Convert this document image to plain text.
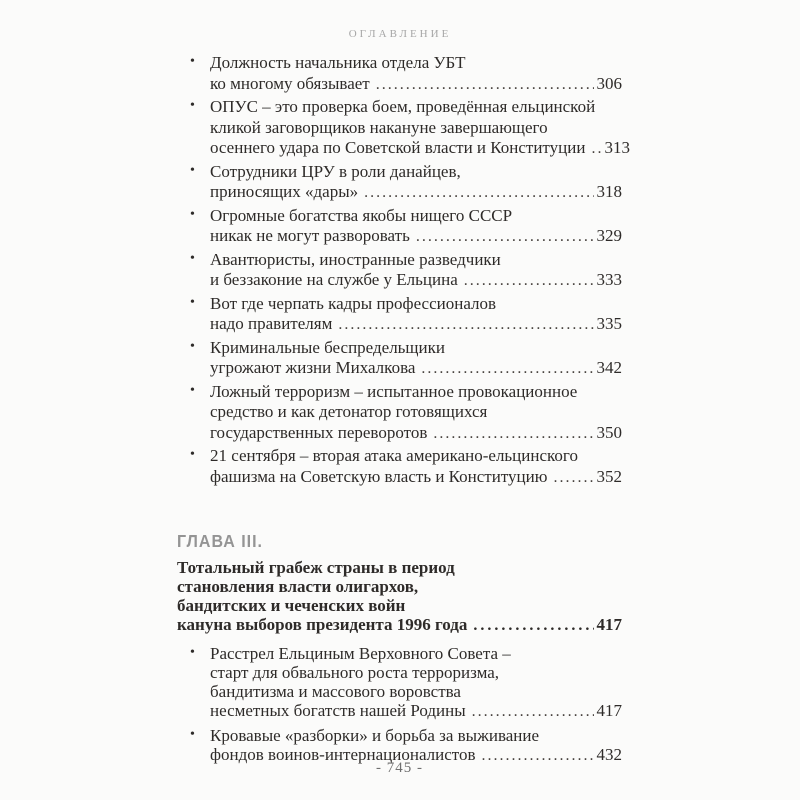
ОГЛАВЛЕНИЕ
• Должность начальника отдела УБТ
ко многому обязывает .....	306
• ОПУС – это проверка боем, проведённая ельцинской
кликой заговорщиков накануне завершающего
осеннего удара по Советской власти и Конституции ..... 313
• Сотрудники ЦРУ в роли данайцев,
приносящих «дары» .....	318
• Огромные богатства якобы нищего СССР
никак не могут разворовать .....	329
• Авантюристы, иностранные разведчики
и беззаконие на службе у Ельцина .....	333
• Вот где черпать кадры профессионалов
надо правителям .....	335
• Криминальные беспредельщики
угрожают жизни Михалкова .....	342
• Ложный терроризм – испытанное провокационное
средство и как детонатор готовящихся
государственных переворотов .....	350
• 21 сентября – вторая атака американо-ельцинского
фашизма на Советскую власть и Конституцию .....	352
ГЛАВА III.
Тотальный грабеж страны в период
становления власти олигархов,
бандитских и чеченских войн
кануна выборов президента 1996 года .....	417
• Расстрел Ельциным Верховного Совета –
старт для обвального роста терроризма,
бандитизма и массового воровства
несметных богатств нашей Родины .....	417
• Кровавые «разборки» и борьба за выживание
фондов воинов-интернационалистов .....	432
- 745 -
